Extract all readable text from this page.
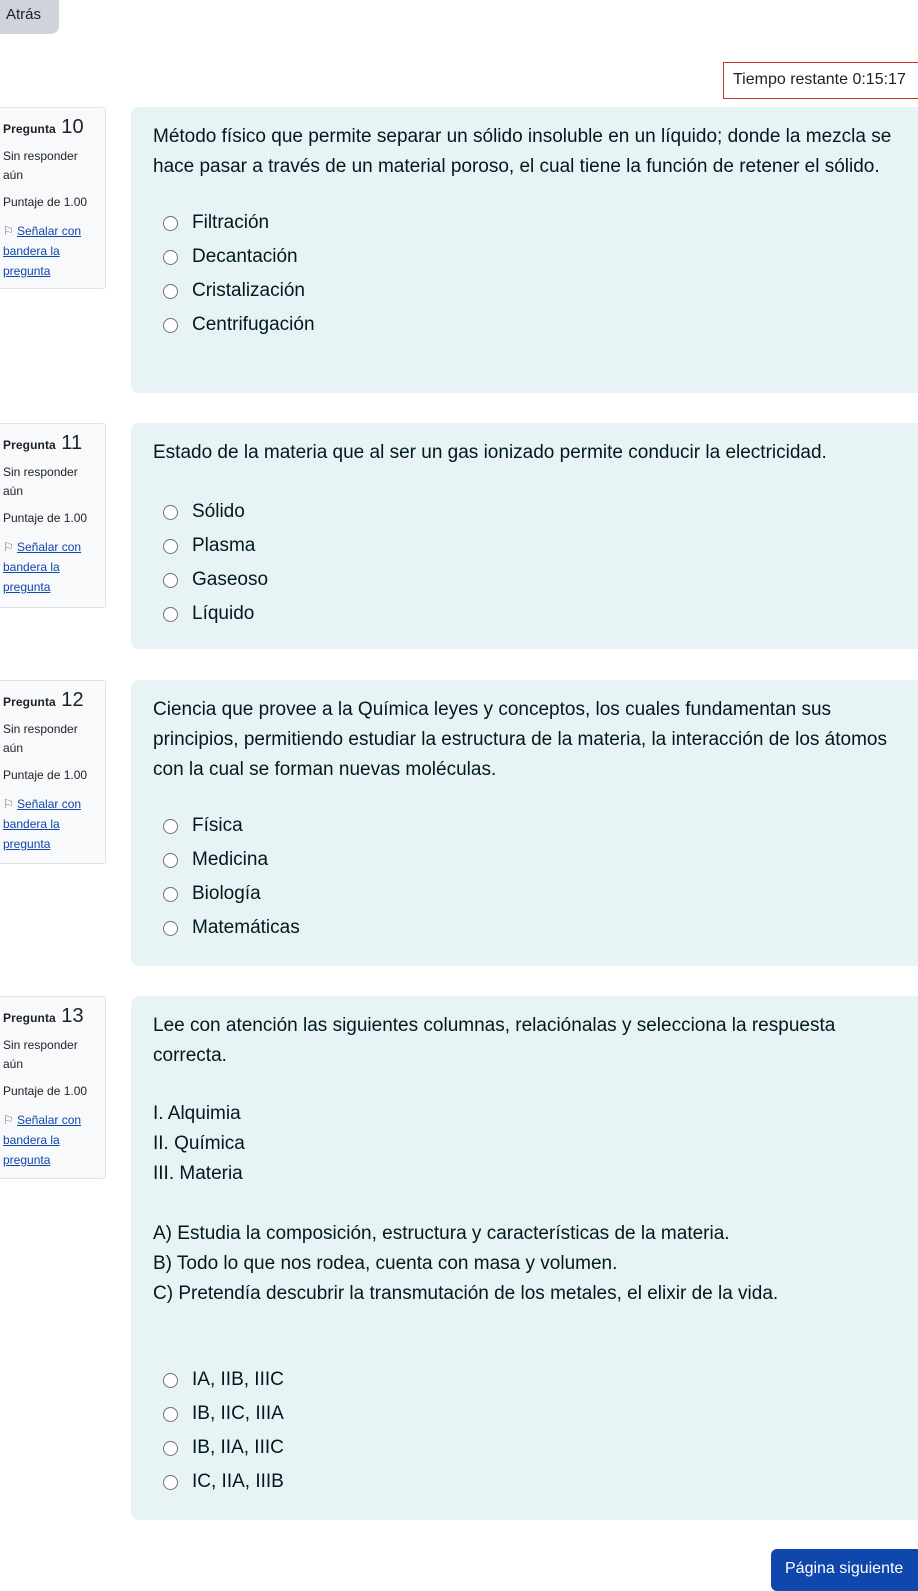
Atrás
Tiempo restante 0:15:17
Pregunta 10
Sin responder aún
Puntaje de 1.00
⚐ Señalar con bandera la pregunta

Método físico que permite separar un sólido insoluble en un líquido; donde la mezcla se hace pasar a través de un material poroso, el cual tiene la función de retener el sólido.

Filtración
Decantación
Cristalización
Centrifugación
Pregunta 11
Sin responder aún
Puntaje de 1.00
⚐ Señalar con bandera la pregunta

Estado de la materia que al ser un gas ionizado permite conducir la electricidad.

Sólido
Plasma
Gaseoso
Líquido
Pregunta 12
Sin responder aún
Puntaje de 1.00
⚐ Señalar con bandera la pregunta

Ciencia que provee a la Química leyes y conceptos, los cuales fundamentan sus principios, permitiendo estudiar la estructura de la materia, la interacción de los átomos con la cual se forman nuevas moléculas.

Física
Medicina
Biología
Matemáticas
Pregunta 13
Sin responder aún
Puntaje de 1.00
⚐ Señalar con bandera la pregunta

Lee con atención las siguientes columnas, relaciónalas y selecciona la respuesta correcta.

I. Alquimia

II. Química

III. Materia

A) Estudia la composición, estructura y características de la materia.

B) Todo lo que nos rodea, cuenta con masa y volumen.

C) Pretendía descubrir la transmutación de los metales, el elixir de la vida.

IA, IIB, IIIC
IB, IIC, IIIA
IB, IIA, IIIC
IC, IIA, IIIB
Página siguiente
